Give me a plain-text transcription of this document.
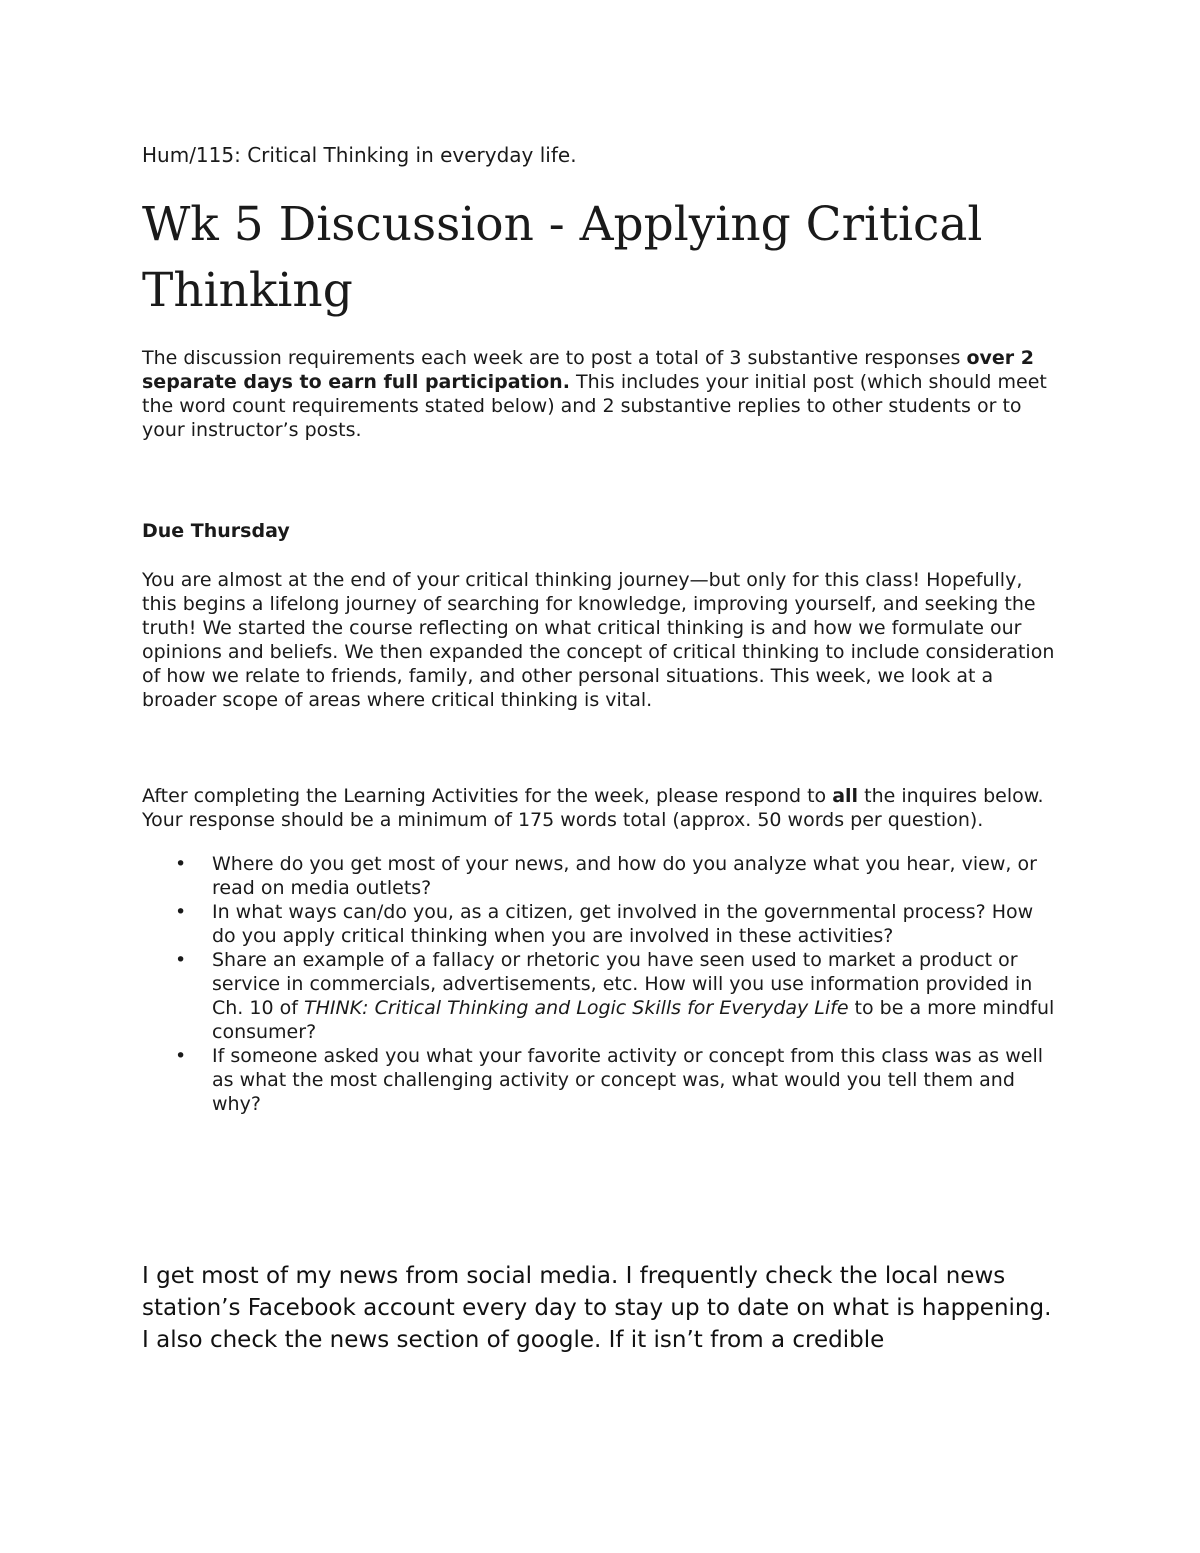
Hum/115: Critical Thinking in everyday life.

Wk 5 Discussion - Applying Critical Thinking

The discussion requirements each week are to post a total of 3 substantive responses over 2 separate days to earn full participation. This includes your initial post (which should meet the word count requirements stated below) and 2 substantive replies to other students or to your instructor’s posts.

Due Thursday

You are almost at the end of your critical thinking journey—but only for this class! Hopefully, this begins a lifelong journey of searching for knowledge, improving yourself, and seeking the truth! We started the course reflecting on what critical thinking is and how we formulate our opinions and beliefs. We then expanded the concept of critical thinking to include consideration of how we relate to friends, family, and other personal situations. This week, we look at a broader scope of areas where critical thinking is vital.

After completing the Learning Activities for the week, please respond to all the inquires below. Your response should be a minimum of 175 words total (approx. 50 words per question).

• Where do you get most of your news, and how do you analyze what you hear, view, or read on media outlets?
• In what ways can/do you, as a citizen, get involved in the governmental process? How do you apply critical thinking when you are involved in these activities?
• Share an example of a fallacy or rhetoric you have seen used to market a product or service in commercials, advertisements, etc. How will you use information provided in Ch. 10 of THINK: Critical Thinking and Logic Skills for Everyday Life to be a more mindful consumer?
• If someone asked you what your favorite activity or concept from this class was as well as what the most challenging activity or concept was, what would you tell them and why?

I get most of my news from social media. I frequently check the local news station’s Facebook account every day to stay up to date on what is happening. I also check the news section of google. If it isn’t from a credible
